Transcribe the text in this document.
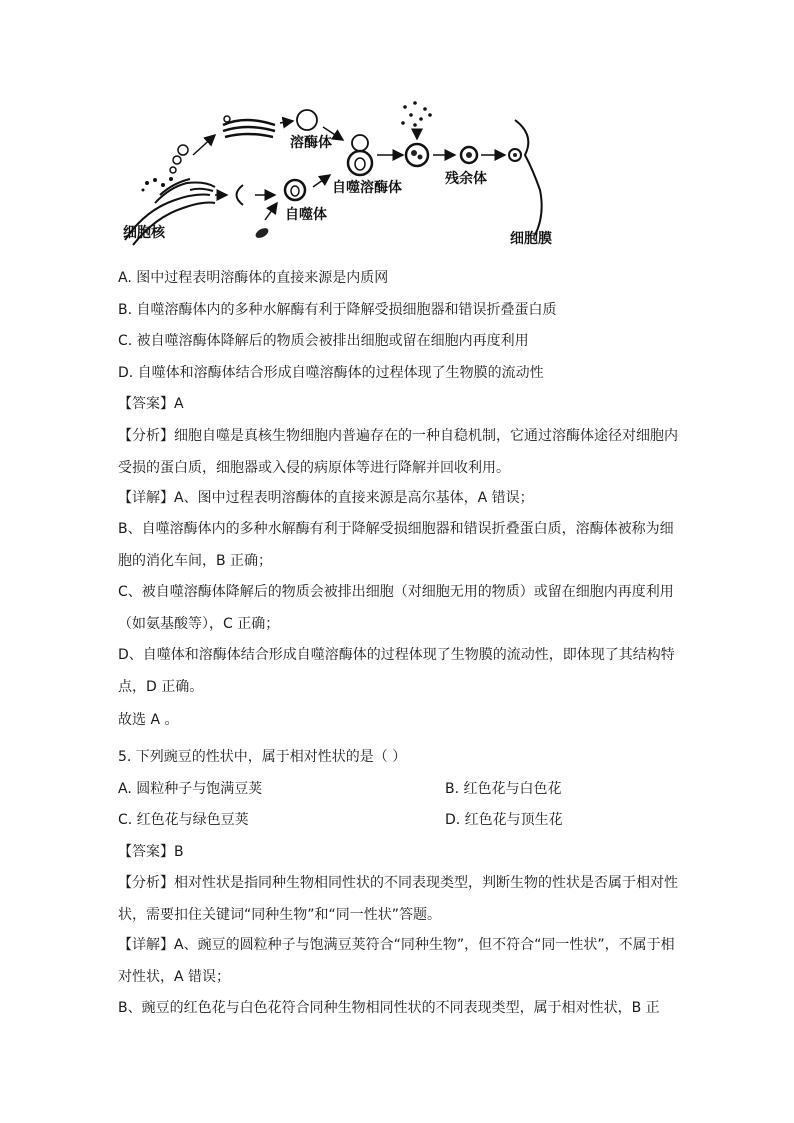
溶酶体
自噬体
自噬溶酶体
残余体
细胞膜
细胞核
A. 图中过程表明溶酶体的直接来源是内质网
B. 自噬溶酶体内的多种水解酶有利于降解受损细胞器和错误折叠蛋白质
C. 被自噬溶酶体降解后的物质会被排出细胞或留在细胞内再度利用
D. 自噬体和溶酶体结合形成自噬溶酶体的过程体现了生物膜的流动性
【答案】A
【分析】细胞自噬是真核生物细胞内普遍存在的一种自稳机制，它通过溶酶体途径对细胞内受损的蛋白质，细胞器或入侵的病原体等进行降解并回收利用。
【详解】A、图中过程表明溶酶体的直接来源是高尔基体，A 错误；
B、自噬溶酶体内的多种水解酶有利于降解受损细胞器和错误折叠蛋白质，溶酶体被称为细胞的消化车间，B 正确；
C、被自噬溶酶体降解后的物质会被排出细胞（对细胞无用的物质）或留在细胞内再度利用（如氨基酸等），C 正确；
D、自噬体和溶酶体结合形成自噬溶酶体的过程体现了生物膜的流动性，即体现了其结构特点，D 正确。
故选 A 。
5. 下列豌豆的性状中，属于相对性状的是（ ）
A. 圆粒种子与饱满豆荚	B. 红色花与白色花
C. 红色花与绿色豆荚	D. 红色花与顶生花
【答案】B
【分析】相对性状是指同种生物相同性状的不同表现类型，判断生物的性状是否属于相对性状，需要扣住关键词“同种生物”和“同一性状”答题。
【详解】A、豌豆的圆粒种子与饱满豆荚符合“同种生物”，但不符合“同一性状”，不属于相对性状，A 错误；
B、豌豆的红色花与白色花符合同种生物相同性状的不同表现类型，属于相对性状，B 正
